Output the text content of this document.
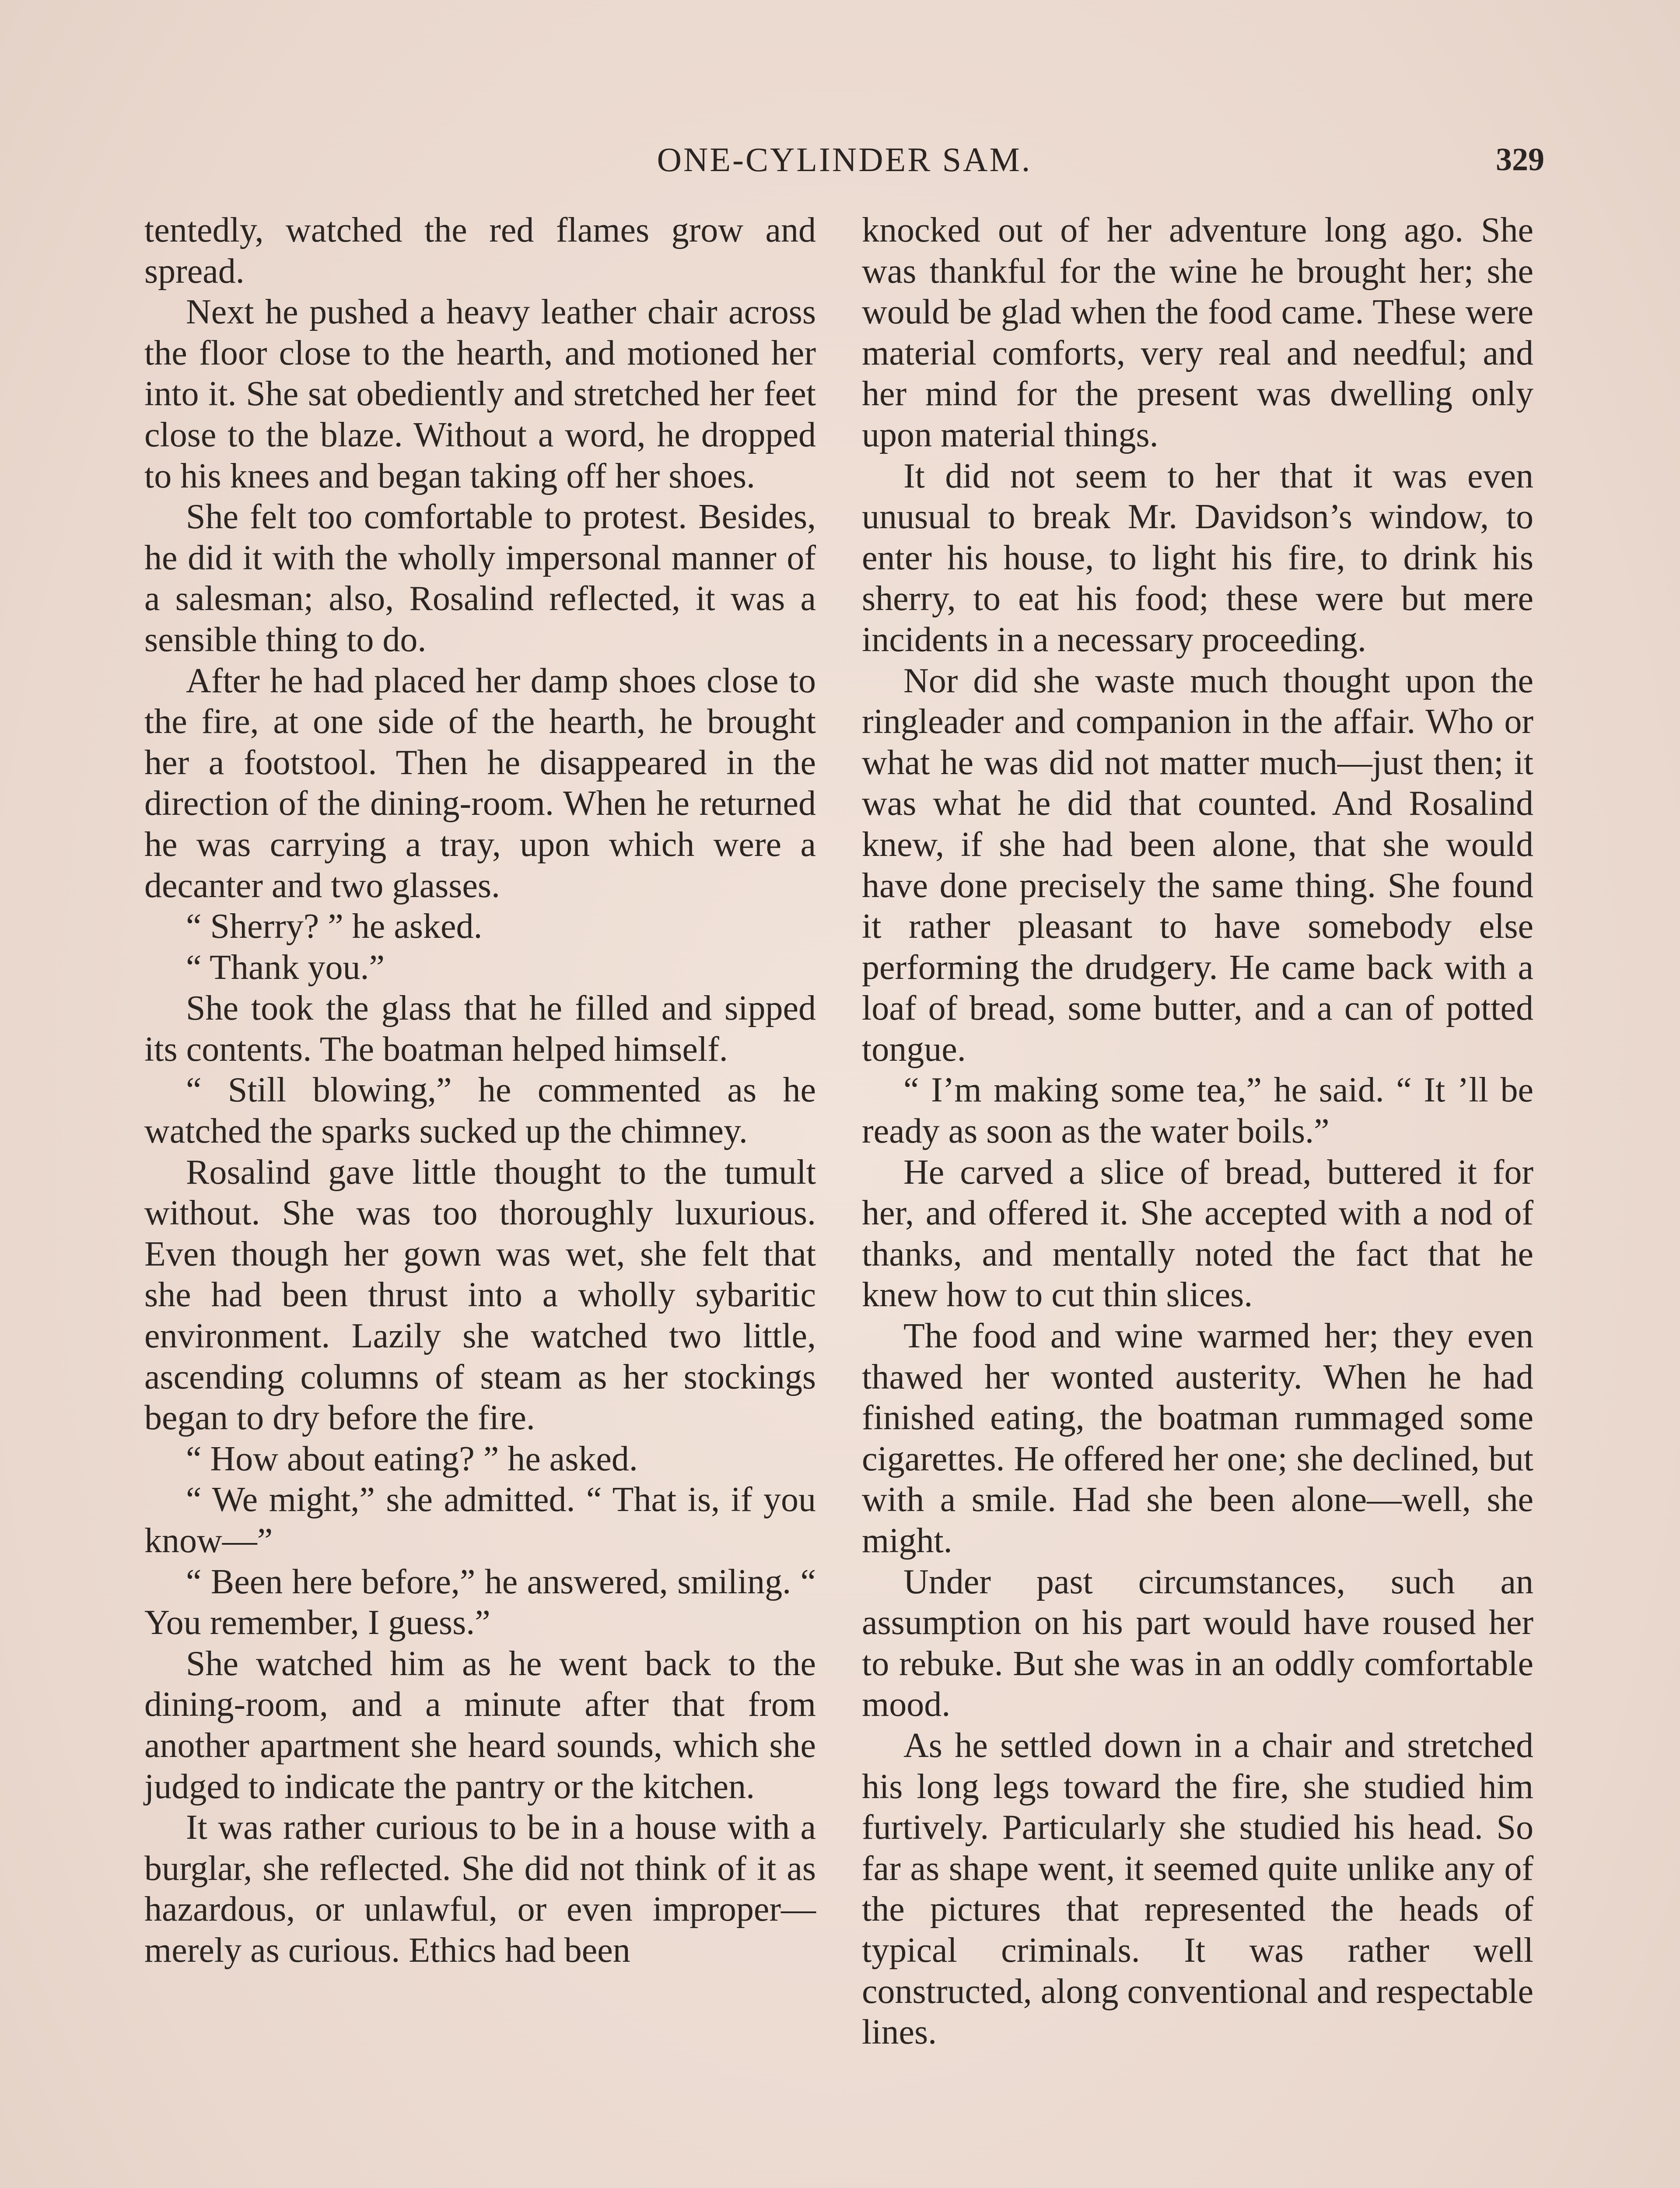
ONE-CYLINDER SAM.	329

tentedly, watched the red flames grow and spread.

Next he pushed a heavy leather chair across the floor close to the hearth, and motioned her into it. She sat obediently and stretched her feet close to the blaze. Without a word, he dropped to his knees and began taking off her shoes.

She felt too comfortable to protest. Besides, he did it with the wholly impersonal manner of a salesman; also, Rosalind reflected, it was a sensible thing to do.

After he had placed her damp shoes close to the fire, at one side of the hearth, he brought her a footstool. Then he disappeared in the direction of the dining-room. When he returned he was carrying a tray, upon which were a decanter and two glasses.

“ Sherry? ” he asked.

“ Thank you.”

She took the glass that he filled and sipped its contents. The boatman helped himself.

“ Still blowing,” he commented as he watched the sparks sucked up the chimney.

Rosalind gave little thought to the tumult without. She was too thoroughly luxurious. Even though her gown was wet, she felt that she had been thrust into a wholly sybaritic environment. Lazily she watched two little, ascending columns of steam as her stockings began to dry before the fire.

“ How about eating? ” he asked.

“ We might,” she admitted. “ That is, if you know—”

“ Been here before,” he answered, smiling. “ You remember, I guess.”

She watched him as he went back to the dining-room, and a minute after that from another apartment she heard sounds, which she judged to indicate the pantry or the kitchen.

It was rather curious to be in a house with a burglar, she reflected. She did not think of it as hazardous, or unlawful, or even improper—merely as curious. Ethics had been

knocked out of her adventure long ago. She was thankful for the wine he brought her; she would be glad when the food came. These were material comforts, very real and needful; and her mind for the present was dwelling only upon material things.

It did not seem to her that it was even unusual to break Mr. Davidson’s window, to enter his house, to light his fire, to drink his sherry, to eat his food; these were but mere incidents in a necessary proceeding.

Nor did she waste much thought upon the ringleader and companion in the affair. Who or what he was did not matter much—just then; it was what he did that counted. And Rosalind knew, if she had been alone, that she would have done precisely the same thing. She found it rather pleasant to have somebody else performing the drudgery. He came back with a loaf of bread, some butter, and a can of potted tongue.

“ I’m making some tea,” he said. “ It ’ll be ready as soon as the water boils.”

He carved a slice of bread, buttered it for her, and offered it. She accepted with a nod of thanks, and mentally noted the fact that he knew how to cut thin slices.

The food and wine warmed her; they even thawed her wonted austerity. When he had finished eating, the boatman rummaged some cigarettes. He offered her one; she declined, but with a smile. Had she been alone—well, she might.

Under past circumstances, such an assumption on his part would have roused her to rebuke. But she was in an oddly comfortable mood.

As he settled down in a chair and stretched his long legs toward the fire, she studied him furtively. Particularly she studied his head. So far as shape went, it seemed quite unlike any of the pictures that represented the heads of typical criminals. It was rather well constructed, along conventional and respectable lines.
